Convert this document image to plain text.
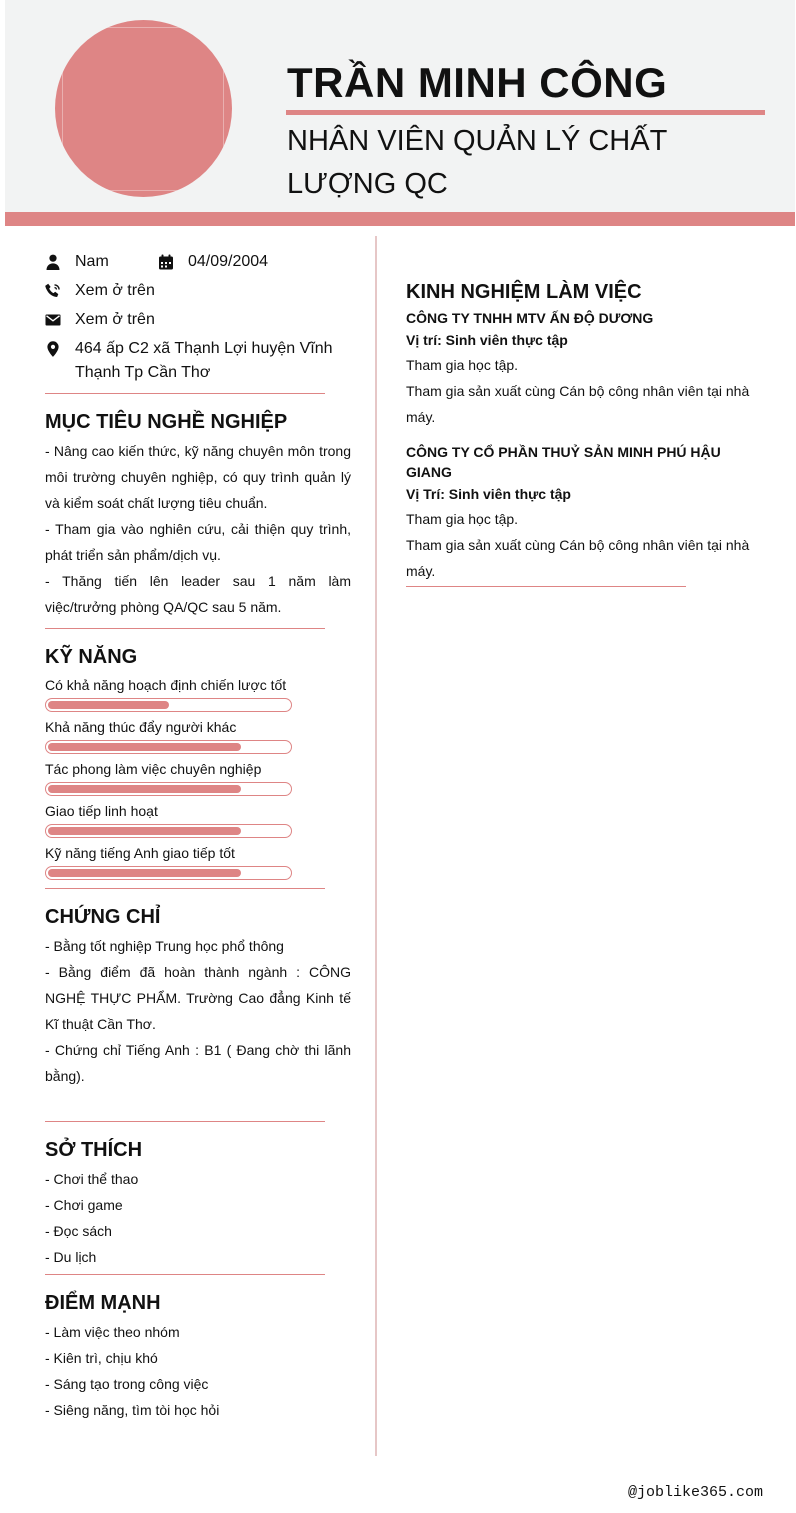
TRẦN MINH CÔNG
NHÂN VIÊN QUẢN LÝ CHẤT LƯỢNG QC
Nam	04/09/2004
Xem ở trên
Xem ở trên
464 ấp C2 xã Thạnh Lợi huyện Vĩnh Thạnh Tp Cần Thơ
MỤC TIÊU NGHỀ NGHIỆP
- Nâng cao kiến thức, kỹ năng chuyên môn trong môi trường chuyên nghiệp, có quy trình quản lý và kiểm soát chất lượng tiêu chuẩn.
- Tham gia vào nghiên cứu, cải thiện quy trình, phát triển sản phẩm/dịch vụ.
- Thăng tiến lên leader sau 1 năm làm việc/trưởng phòng QA/QC sau 5 năm.
KỸ NĂNG
Có khả năng hoạch định chiến lược tốt
Khả năng thúc đẩy người khác
Tác phong làm việc chuyên nghiệp
Giao tiếp linh hoạt
Kỹ năng tiếng Anh giao tiếp tốt
CHỨNG CHỈ
- Bằng tốt nghiệp Trung học phổ thông
- Bằng điểm đã hoàn thành ngành : CÔNG NGHỆ THỰC PHẨM. Trường Cao đẳng Kinh tế Kĩ thuật Cần Thơ.
- Chứng chỉ Tiếng Anh : B1 ( Đang chờ thi lãnh bằng).
SỞ THÍCH
- Chơi thể thao
- Chơi game
- Đọc sách
- Du lịch
ĐIỂM MẠNH
- Làm việc theo nhóm
- Kiên trì, chịu khó
- Sáng tạo trong công việc
- Siêng năng, tìm tòi học hỏi
KINH NGHIỆM LÀM VIỆC
CÔNG TY TNHH MTV ẤN ĐỘ DƯƠNG
Vị trí: Sinh viên thực tập
Tham gia học tập.
Tham gia sản xuất cùng Cán bộ công nhân viên tại nhà máy.
CÔNG TY CỔ PHẦN THUỶ SẢN MINH PHÚ HẬU GIANG
Vị Trí: Sinh viên thực tập
Tham gia học tập.
Tham gia sản xuất cùng Cán bộ công nhân viên tại nhà máy.
@joblike365.com
